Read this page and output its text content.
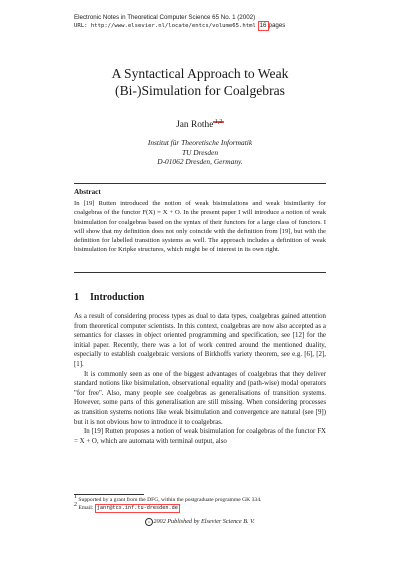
Electronic Notes in Theoretical Computer Science 65 No. 1 (2002)
URL: http://www.elsevier.nl/locate/entcs/volume65.html 16 pages
A Syntactical Approach to Weak
(Bi-)Simulation for Coalgebras
Jan Rothe $^{1,2}$
Institut für Theoretische Informatik
TU Dresden
D-01062 Dresden, Germany.
Abstract

In [19] Rutten introduced the notion of weak bisimulations and weak bisimilarity for coalgebras of the functor F(X) = X + O. In the present paper I will introduce a notion of weak bisimulation for coalgebras based on the syntax of their functors for a large class of functors. I will show that my definition does not only coincide with the definition from [19], but with the definition for labelled transition systems as well. The approach includes a definition of weak bisimulation for Kripke structures, which might be of interest in its own right.

1 Introduction

As a result of considering process types as dual to data types, coalgebras gained attention from theoretical computer scientists. In this context, coalgebras are now also accepted as a semantics for classes in object oriented programming and specification, see [12] for the initial paper. Recently, there was a lot of work centred around the mentioned duality, especially to establish coalgebraic versions of Birkhoffs variety theorem, see e.g. [6], [2], [1].

It is commonly seen as one of the biggest advantages of coalgebras that they deliver standard notions like bisimulation, observational equality and (path-wise) modal operators "for free". Also, many people see coalgebras as generalisations of transition systems. However, some parts of this generalisation are still missing. When considering processes as transition systems notions like weak bisimulation and convergence are natural (see [9]) but it is not obvious how to introduce it to coalgebras.

In [19] Rutten proposes a notion of weak bisimulation for coalgebras of the functor FX = X + O, which are automata with terminal output, also

1 Supported by a grant from the DFG, within the postgraduate programme GK 334.
2 Email: janr@tcs.inf.tu-dresden.de
c 2002 Published by Elsevier Science B. V.
